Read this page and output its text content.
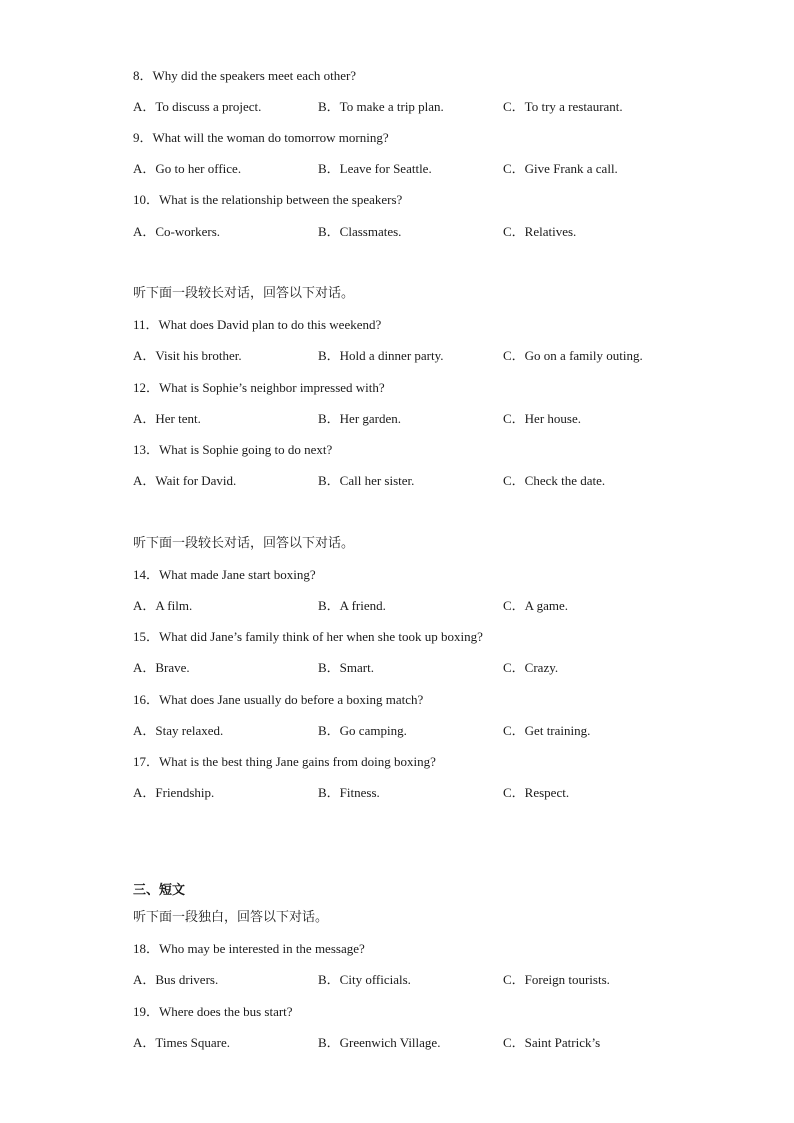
8．Why did the speakers meet each other?
A．To discuss a project.	B．To make a trip plan.	C．To try a restaurant.
9．What will the woman do tomorrow morning?
A．Go to her office.	B．Leave for Seattle.	C．Give Frank a call.
10．What is the relationship between the speakers?
A．Co-workers.	B．Classmates.	C．Relatives.
听下面一段较长对话，回答以下对话。
11．What does David plan to do this weekend?
A．Visit his brother.	B．Hold a dinner party.	C．Go on a family outing.
12．What is Sophie’s neighbor impressed with?
A．Her tent.	B．Her garden.	C．Her house.
13．What is Sophie going to do next?
A．Wait for David.	B．Call her sister.	C．Check the date.
听下面一段较长对话，回答以下对话。
14．What made Jane start boxing?
A．A film.	B．A friend.	C．A game.
15．What did Jane’s family think of her when she took up boxing?
A．Brave.	B．Smart.	C．Crazy.
16．What does Jane usually do before a boxing match?
A．Stay relaxed.	B．Go camping.	C．Get training.
17．What is the best thing Jane gains from doing boxing?
A．Friendship.	B．Fitness.	C．Respect.
三、短文
听下面一段独白，回答以下对话。
18．Who may be interested in the message?
A．Bus drivers.	B．City officials.	C．Foreign tourists.
19．Where does the bus start?
A．Times Square.	B．Greenwich Village.	C．Saint Patrick’s
